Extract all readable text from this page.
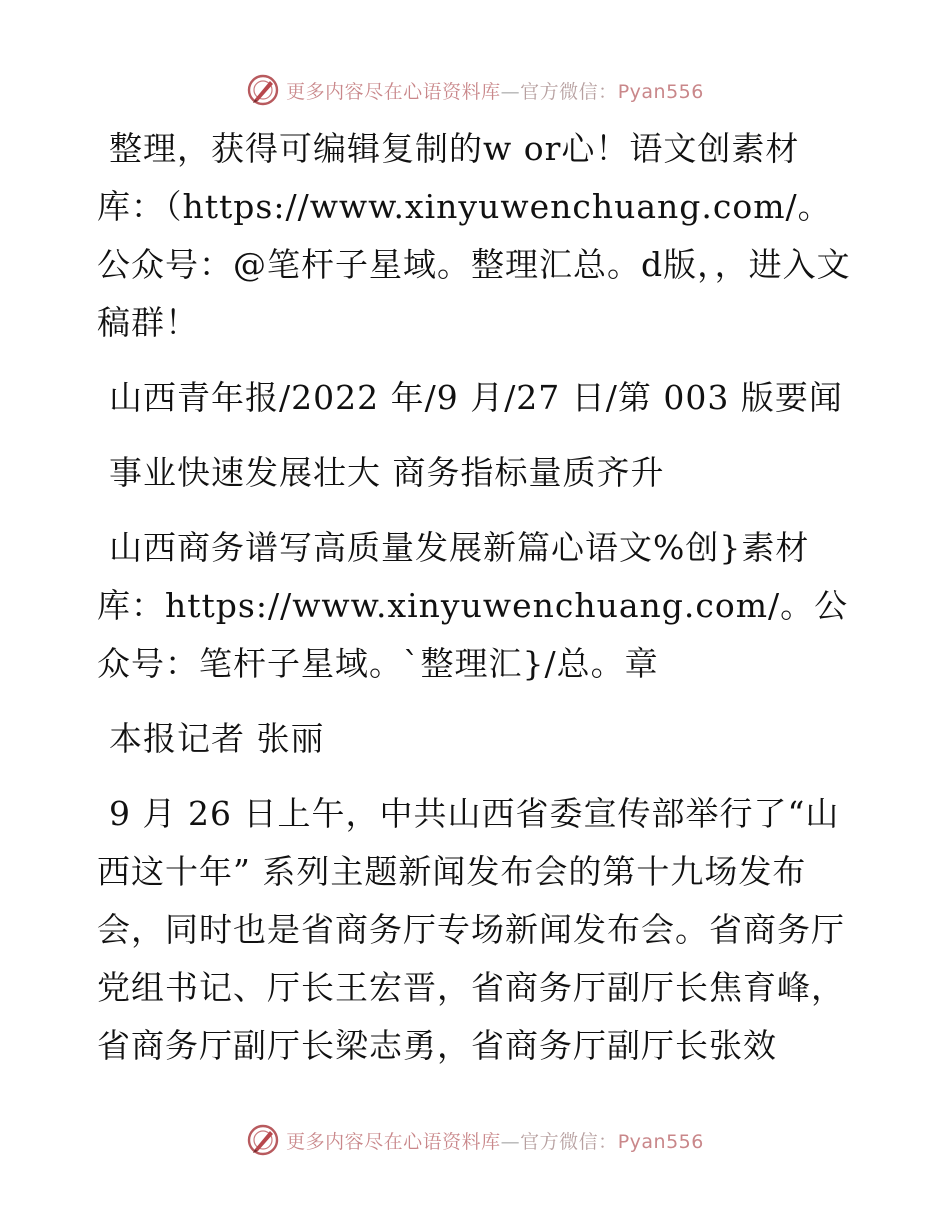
更多内容尽在心语资料库—官方微信：Pyan556

整理，获得可编辑复制的w or心！语文创素材库：（https://www.xinyuwenchuang.com/。公众号：@笔杆子星域。整理汇总。d版，，进入文稿群！

山西青年报/2022 年/9 月/27 日/第 003 版要闻

事业快速发展壮大 商务指标量质齐升

山西商务谱写高质量发展新篇心语文%创}素材库：https://www.xinyuwenchuang.com/。公众号：笔杆子星域。`整理汇}/总。章

本报记者 张丽

9 月 26 日上午，中共山西省委宣传部举行了“山西这十年” 系列主题新闻发布会的第十九场发布会，同时也是省商务厅专场新闻发布会。省商务厅党组书记、厅长王宏晋，省商务厅副厅长焦育峰，省商务厅副厅长梁志勇，省商务厅副厅长张效

更多内容尽在心语资料库—官方微信：Pyan556
